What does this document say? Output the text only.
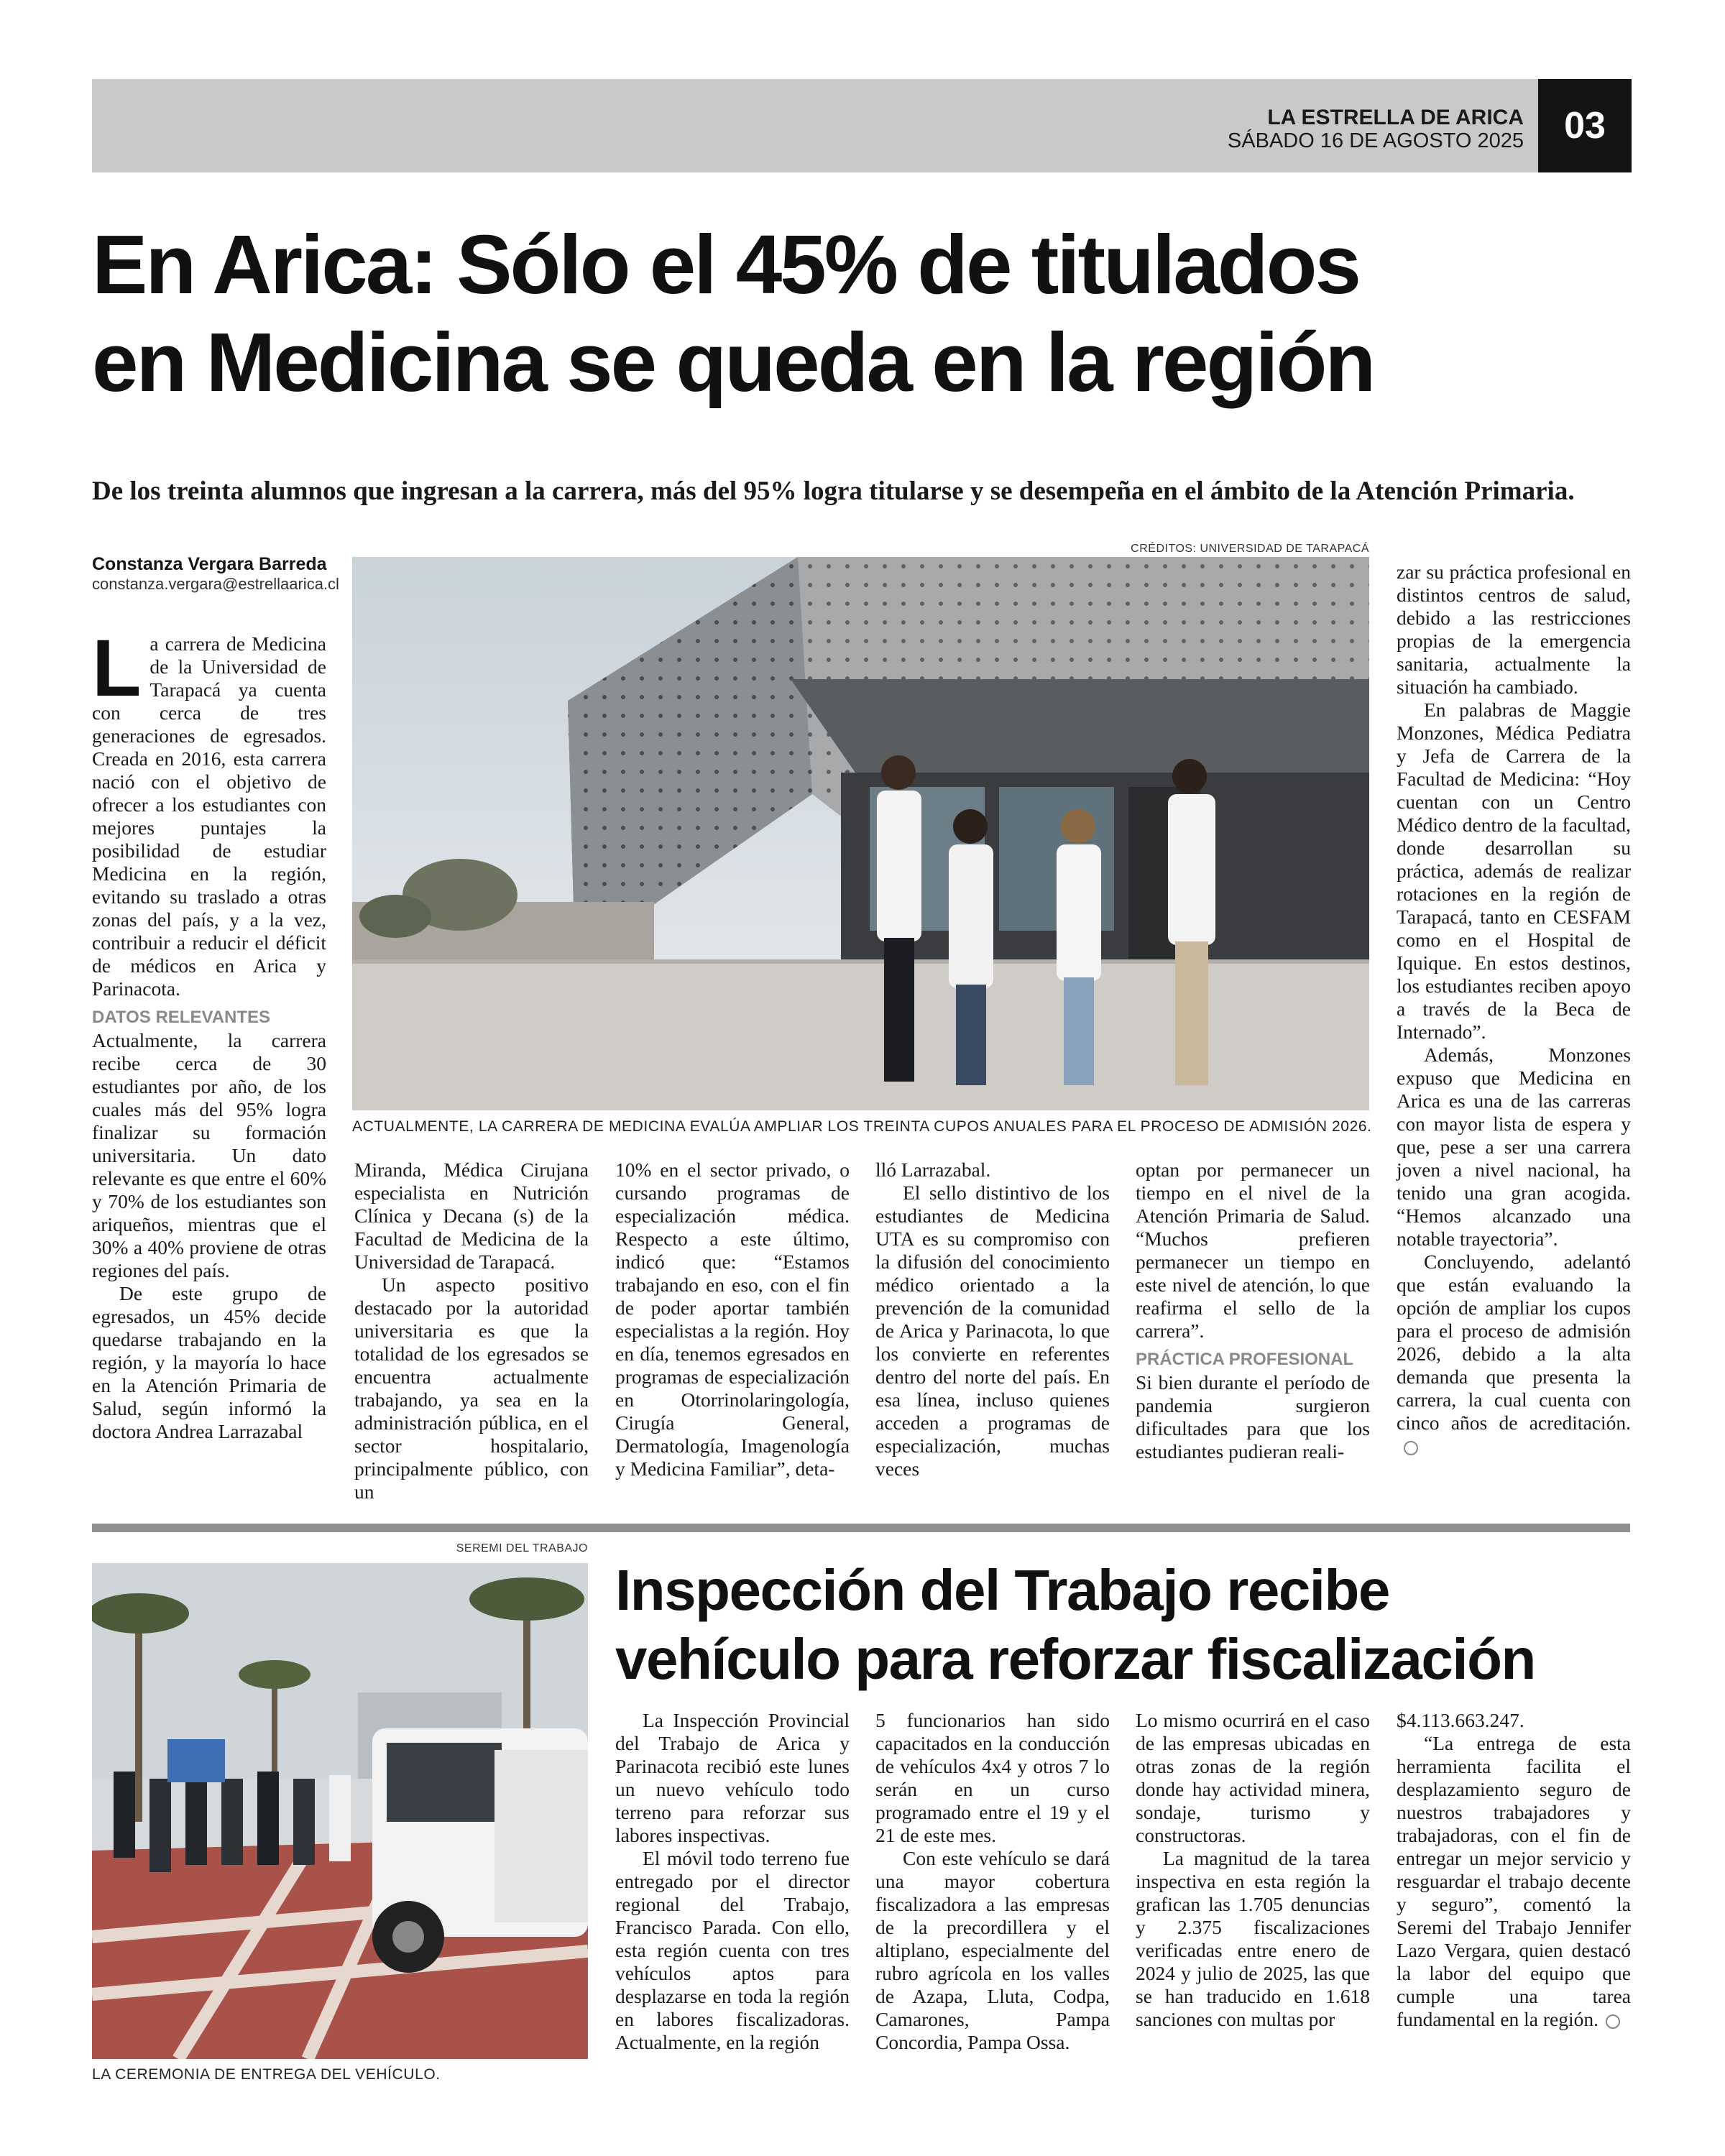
LA ESTRELLA DE ARICA
SÁBADO 16 DE AGOSTO 2025	03
En Arica: Sólo el 45% de titulados
en Medicina se queda en la región
De los treinta alumnos que ingresan a la carrera, más del 95% logra titularse y se desempeña en el ámbito de la Atención Primaria.
Constanza Vergara Barreda
constanza.vergara@estrellaarica.cl

La carrera de Medicina de la Universidad de Tarapacá ya cuenta con cerca de tres generaciones de egresados. Creada en 2016, esta carrera nació con el objetivo de ofrecer a los estudiantes con mejores puntajes la posibilidad de estudiar Medicina en la región, evitando su traslado a otras zonas del país, y a la vez, contribuir a reducir el déficit de médicos en Arica y Parinacota.

DATOS RELEVANTES

Actualmente, la carrera recibe cerca de 30 estudiantes por año, de los cuales más del 95% logra finalizar su formación universitaria. Un dato relevante es que entre el 60% y 70% de los estudiantes son ariqueños, mientras que el 30% a 40% proviene de otras regiones del país.

De este grupo de egresados, un 45% decide quedarse trabajando en la región, y la mayoría lo hace en la Atención Primaria de Salud, según informó la doctora Andrea Larrazabal

CRÉDITOS: UNIVERSIDAD DE TARAPACÁ
ACTUALMENTE, LA CARRERA DE MEDICINA EVALÚA AMPLIAR LOS TREINTA CUPOS ANUALES PARA EL PROCESO DE ADMISIÓN 2026.

Miranda, Médica Cirujana especialista en Nutrición Clínica y Decana (s) de la Facultad de Medicina de la Universidad de Tarapacá.

Un aspecto positivo destacado por la autoridad universitaria es que la totalidad de los egresados se encuentra actualmente trabajando, ya sea en la administración pública, en el sector hospitalario, principalmente público, con un

10% en el sector privado, o cursando programas de especialización médica. Respecto a este último, indicó que: “Estamos trabajando en eso, con el fin de poder aportar también especialistas a la región. Hoy en día, tenemos egresados en programas de especialización en Otorrinolaringología, Cirugía General, Dermatología, Imagenología y Medicina Familiar”, deta-

lló Larrazabal.

El sello distintivo de los estudiantes de Medicina UTA es su compromiso con la difusión del conocimiento médico orientado a la prevención de la comunidad de Arica y Parinacota, lo que los convierte en referentes dentro del norte del país. En esa línea, incluso quienes acceden a programas de especialización, muchas veces

optan por permanecer un tiempo en el nivel de la Atención Primaria de Salud. “Muchos prefieren permanecer un tiempo en este nivel de atención, lo que reafirma el sello de la carrera”.

PRÁCTICA PROFESIONAL

Si bien durante el período de pandemia surgieron dificultades para que los estudiantes pudieran reali-

zar su práctica profesional en distintos centros de salud, debido a las restricciones propias de la emergencia sanitaria, actualmente la situación ha cambiado.

En palabras de Maggie Monzones, Médica Pediatra y Jefa de Carrera de la Facultad de Medicina: “Hoy cuentan con un Centro Médico dentro de la facultad, donde desarrollan su práctica, además de realizar rotaciones en la región de Tarapacá, tanto en CESFAM como en el Hospital de Iquique. En estos destinos, los estudiantes reciben apoyo a través de la Beca de Internado”.

Además, Monzones expuso que Medicina en Arica es una de las carreras con mayor lista de espera y que, pese a ser una carrera joven a nivel nacional, ha tenido una gran acogida. “Hemos alcanzado una notable trayectoria”.

Concluyendo, adelantó que están evaluando la opción de ampliar los cupos para el proceso de admisión 2026, debido a la alta demanda que presenta la carrera, la cual cuenta con cinco años de acreditación.

SEREMI DEL TRABAJO
LA CEREMONIA DE ENTREGA DEL VEHÍCULO.
Inspección del Trabajo recibe
vehículo para reforzar fiscalización

La Inspección Provincial del Trabajo de Arica y Parinacota recibió este lunes un nuevo vehículo todo terreno para reforzar sus labores inspectivas.

El móvil todo terreno fue entregado por el director regional del Trabajo, Francisco Parada. Con ello, esta región cuenta con tres vehículos aptos para desplazarse en toda la región en labores fiscalizadoras. Actualmente, en la región

5 funcionarios han sido capacitados en la conducción de vehículos 4x4 y otros 7 lo serán en un curso programado entre el 19 y el 21 de este mes.

Con este vehículo se dará una mayor cobertura fiscalizadora a las empresas de la precordillera y el altiplano, especialmente del rubro agrícola en los valles de Azapa, Lluta, Codpa, Camarones, Pampa Concordia, Pampa Ossa.

Lo mismo ocurrirá en el caso de las empresas ubicadas en otras zonas de la región donde hay actividad minera, sondaje, turismo y constructoras.

La magnitud de la tarea inspectiva en esta región la grafican las 1.705 denuncias y 2.375 fiscalizaciones verificadas entre enero de 2024 y julio de 2025, las que se han traducido en 1.618 sanciones con multas por

$4.113.663.247.

“La entrega de esta herramienta facilita el desplazamiento seguro de nuestros trabajadores y trabajadoras, con el fin de entregar un mejor servicio y resguardar el trabajo decente y seguro”, comentó la Seremi del Trabajo Jennifer Lazo Vergara, quien destacó la labor del equipo que cumple una tarea fundamental en la región.
